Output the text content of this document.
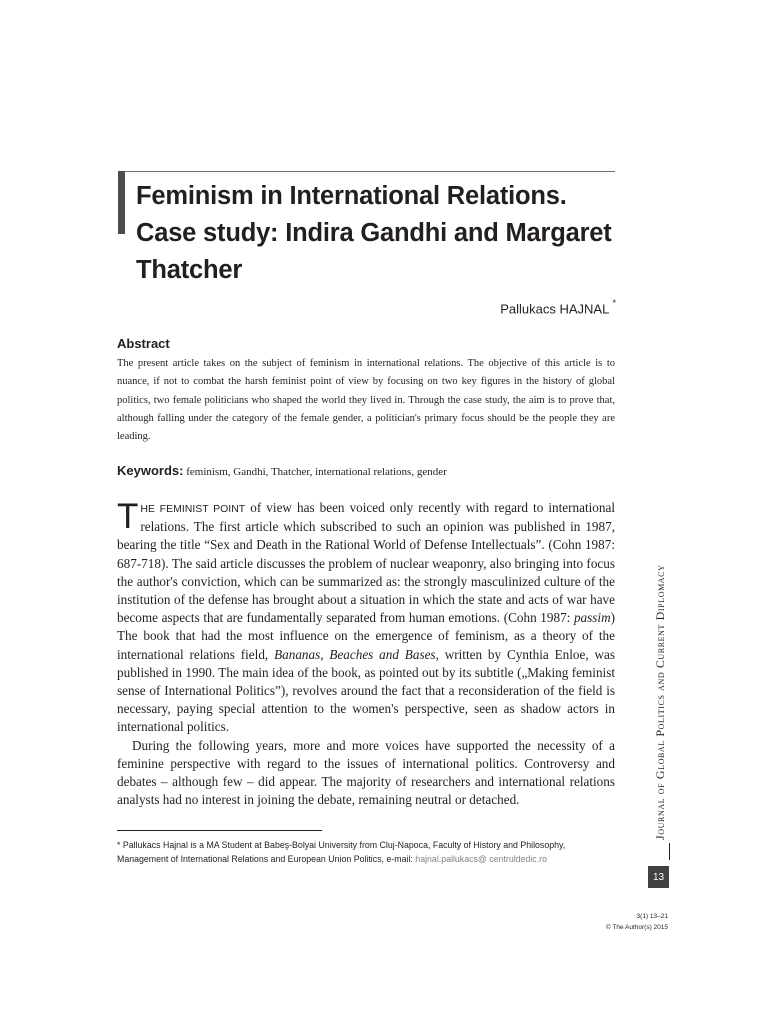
Feminism in International Relations. Case study: Indira Gandhi and Margaret Thatcher
Pallukacs HAJNAL *
Abstract

The present article takes on the subject of feminism in international relations. The objective of this article is to nuance, if not to combat the harsh feminist point of view by focusing on two key figures in the history of global politics, two female politicians who shaped the world they lived in. Through the case study, the aim is to prove that, although falling under the category of the female gender, a politician's primary focus should be the people they are leading.

Keywords: feminism, Gandhi, Thatcher, international relations, gender

THE FEMINIST POINT of view has been voiced only recently with regard to international relations. The first article which subscribed to such an opinion was published in 1987, bearing the title “Sex and Death in the Rational World of Defense Intellectuals”. (Cohn 1987: 687-718). The said article discusses the problem of nuclear weaponry, also bringing into focus the author's conviction, which can be summarized as: the strongly masculinized culture of the institution of the defense has brought about a situation in which the state and acts of war have become aspects that are fundamentally separated from human emotions. (Cohn 1987: passim) The book that had the most influence on the emergence of feminism, as a theory of the international relations field, Bananas, Beaches and Bases, written by Cynthia Enloe, was published in 1990. The main idea of the book, as pointed out by its subtitle („Making feminist sense of International Politics”), revolves around the fact that a reconsideration of the field is necessary, paying special attention to the women's perspective, seen as shadow actors in international politics.

During the following years, more and more voices have supported the necessity of a feminine perspective with regard to the issues of international politics. Controversy and debates – although few – did appear. The majority of researchers and international relations analysts had no interest in joining the debate, remaining neutral or detached.

* Pallukacs Hajnal is a MA Student at Babeş-Bolyai University from Cluj-Napoca, Faculty of History and Philosophy, Management of International Relations and European Union Politics, e-mail: hajnal.pallukacs@ centruldedic.ro

Journal of Global Politics and Current Diplomacy
13
3(1) 13–21
© The Author(s) 2015
